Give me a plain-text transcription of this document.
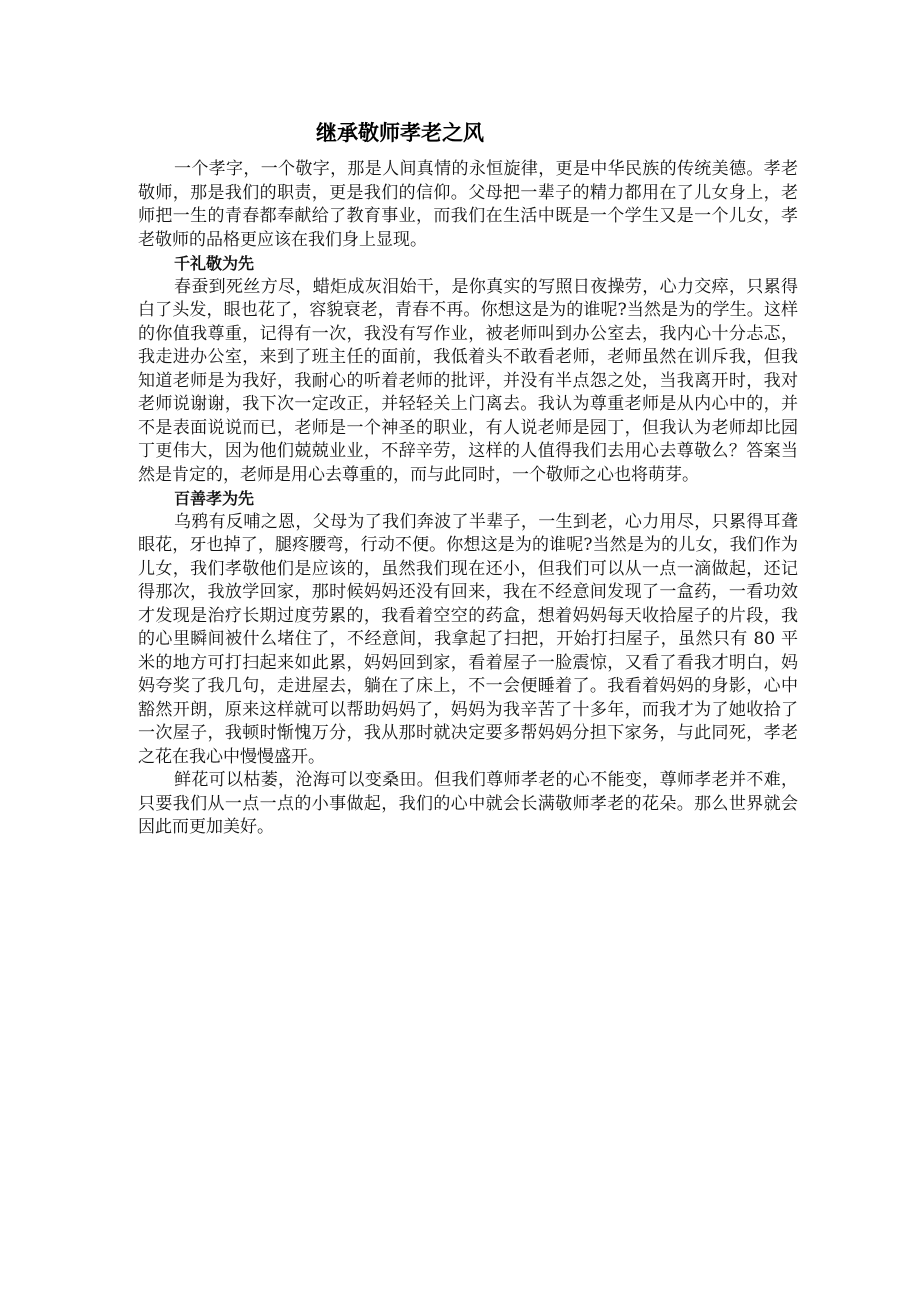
继承敬师孝老之风

一个孝字，一个敬字，那是人间真情的永恒旋律，更是中华民族的传统美德。孝老敬师，那是我们的职责，更是我们的信仰。父母把一辈子的精力都用在了儿女身上，老师把一生的青春都奉献给了教育事业，而我们在生活中既是一个学生又是一个儿女，孝老敬师的品格更应该在我们身上显现。

千礼敬为先

春蚕到死丝方尽，蜡炬成灰泪始干，是你真实的写照日夜操劳，心力交瘁，只累得白了头发，眼也花了，容貌衰老，青春不再。你想这是为的谁呢?当然是为的学生。这样的你值我尊重，记得有一次，我没有写作业，被老师叫到办公室去，我内心十分忐忑，我走进办公室，来到了班主任的面前，我低着头不敢看老师，老师虽然在训斥我，但我知道老师是为我好，我耐心的听着老师的批评，并没有半点怨之处，当我离开时，我对老师说谢谢，我下次一定改正，并轻轻关上门离去。我认为尊重老师是从内心中的，并不是表面说说而已，老师是一个神圣的职业，有人说老师是园丁，但我认为老师却比园丁更伟大，因为他们兢兢业业，不辞辛劳，这样的人值得我们去用心去尊敬么？答案当然是肯定的，老师是用心去尊重的，而与此同时，一个敬师之心也将萌芽。

百善孝为先

乌鸦有反哺之恩，父母为了我们奔波了半辈子，一生到老，心力用尽，只累得耳聋眼花，牙也掉了，腿疼腰弯，行动不便。你想这是为的谁呢?当然是为的儿女，我们作为儿女，我们孝敬他们是应该的，虽然我们现在还小，但我们可以从一点一滴做起，还记得那次，我放学回家，那时候妈妈还没有回来，我在不经意间发现了一盒药，一看功效才发现是治疗长期过度劳累的，我看着空空的药盒，想着妈妈每天收拾屋子的片段，我的心里瞬间被什么堵住了，不经意间，我拿起了扫把，开始打扫屋子，虽然只有 80 平米的地方可打扫起来如此累，妈妈回到家，看着屋子一脸震惊，又看了看我才明白，妈妈夸奖了我几句，走进屋去，躺在了床上，不一会便睡着了。我看着妈妈的身影，心中豁然开朗，原来这样就可以帮助妈妈了，妈妈为我辛苦了十多年，而我才为了她收拾了一次屋子，我顿时惭愧万分，我从那时就决定要多帮妈妈分担下家务，与此同死，孝老之花在我心中慢慢盛开。

鲜花可以枯萎，沧海可以变桑田。但我们尊师孝老的心不能变，尊师孝老并不难，只要我们从一点一点的小事做起，我们的心中就会长满敬师孝老的花朵。那么世界就会因此而更加美好。
